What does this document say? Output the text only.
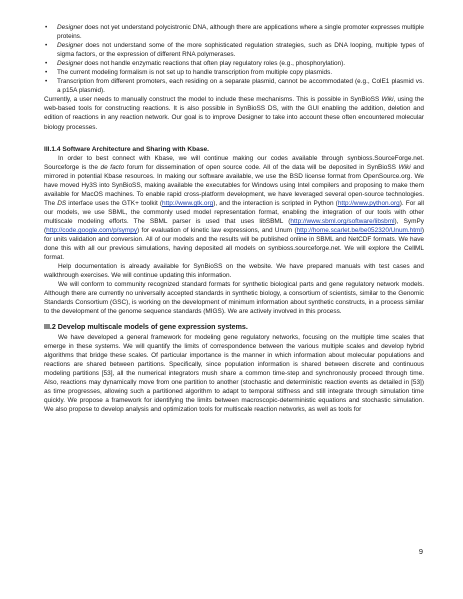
• Designer does not yet understand polycistronic DNA, although there are applications where a single promoter expresses multiple proteins.
• Designer does not understand some of the more sophisticated regulation strategies, such as DNA looping, multiple types of sigma factors, or the expression of different RNA polymerases.
• Designer does not handle enzymatic reactions that often play regulatory roles (e.g., phosphorylation).
• The current modeling formalism is not set up to handle transcription from multiple copy plasmids.
• Transcription from different promoters, each residing on a separate plasmid, cannot be accommodated (e.g., ColE1 plasmid vs. a p15A plasmid).

Currently, a user needs to manually construct the model to include these mechanisms. This is possible in SynBioSS Wiki, using the web-based tools for constructing reactions. It is also possible in SynBioSS DS, with the GUI enabling the addition, deletion and edition of reactions in any reaction network. Our goal is to improve Designer to take into account these often encountered molecular biology processes.

III.1.4 Software Architecture and Sharing with Kbase.

In order to best connect with Kbase, we will continue making our codes available through synbioss.SourceForge.net. Sourceforge is the de facto forum for dissemination of open source code. All of the data will be deposited in SynBioSS Wiki and mirrored in potential Kbase resources. In making our software available, we use the BSD license format from OpenSource.org. We have moved Hy3S into SynBioSS, making available the executables for Windows using Intel compilers and proposing to make them available for MacOS machines. To enable rapid cross-platform development, we have leveraged several open-source technologies. The DS interface uses the GTK+ toolkit (http://www.gtk.org), and the interaction is scripted in Python (http://www.python.org). For all our models, we use SBML, the commonly used model representation format, enabling the integration of our tools with other multiscale modeling efforts. The SBML parser is used that uses libSBML (http://www.sbml.org/software/libsbml), SymPy (http://code.google.com/p/sympy) for evaluation of kinetic law expressions, and Unum (http://home.scarlet.be/be052320/Unum.html) for units validation and conversion. All of our models and the results will be published online in SBML and NetCDF formats. We have done this with all our previous simulations, having deposited all models on synbioss.sourceforge.net. We will explore the CellML format.

Help documentation is already available for SynBioSS on the website. We have prepared manuals with test cases and walkthrough exercises. We will continue updating this information.

We will conform to community recognized standard formats for synthetic biological parts and gene regulatory network models. Although there are currently no universally accepted standards in synthetic biology, a consortium of scientists, similar to the Genomic Standards Consortium (GSC), is working on the development of minimum information about synthetic constructs, in a process similar to the development of the genome sequence standards (MIGS). We are actively involved in this process.

III.2 Develop multiscale models of gene expression systems.

We have developed a general framework for modeling gene regulatory networks, focusing on the multiple time scales that emerge in these systems. We will quantify the limits of correspondence between the various multiple scales and develop hybrid algorithms that bridge these scales. Of particular importance is the manner in which information about molecular populations and reactions are shared between partitions. Specifically, since population information is shared between discrete and continuous modeling partitions [53], all the numerical integrators mush share a common time-step and synchronously proceed through time. Also, reactions may dynamically move from one partition to another (stochastic and deterministic reaction events as detailed in [53]) as time progresses, allowing such a partitioned algorithm to adapt to temporal stiffness and still integrate through simulation time quickly. We propose a framework for identifying the limits between macroscopic-deterministic equations and stochastic simulation. We also propose to develop analysis and optimization tools for multiscale reaction networks, as well as tools for

9
